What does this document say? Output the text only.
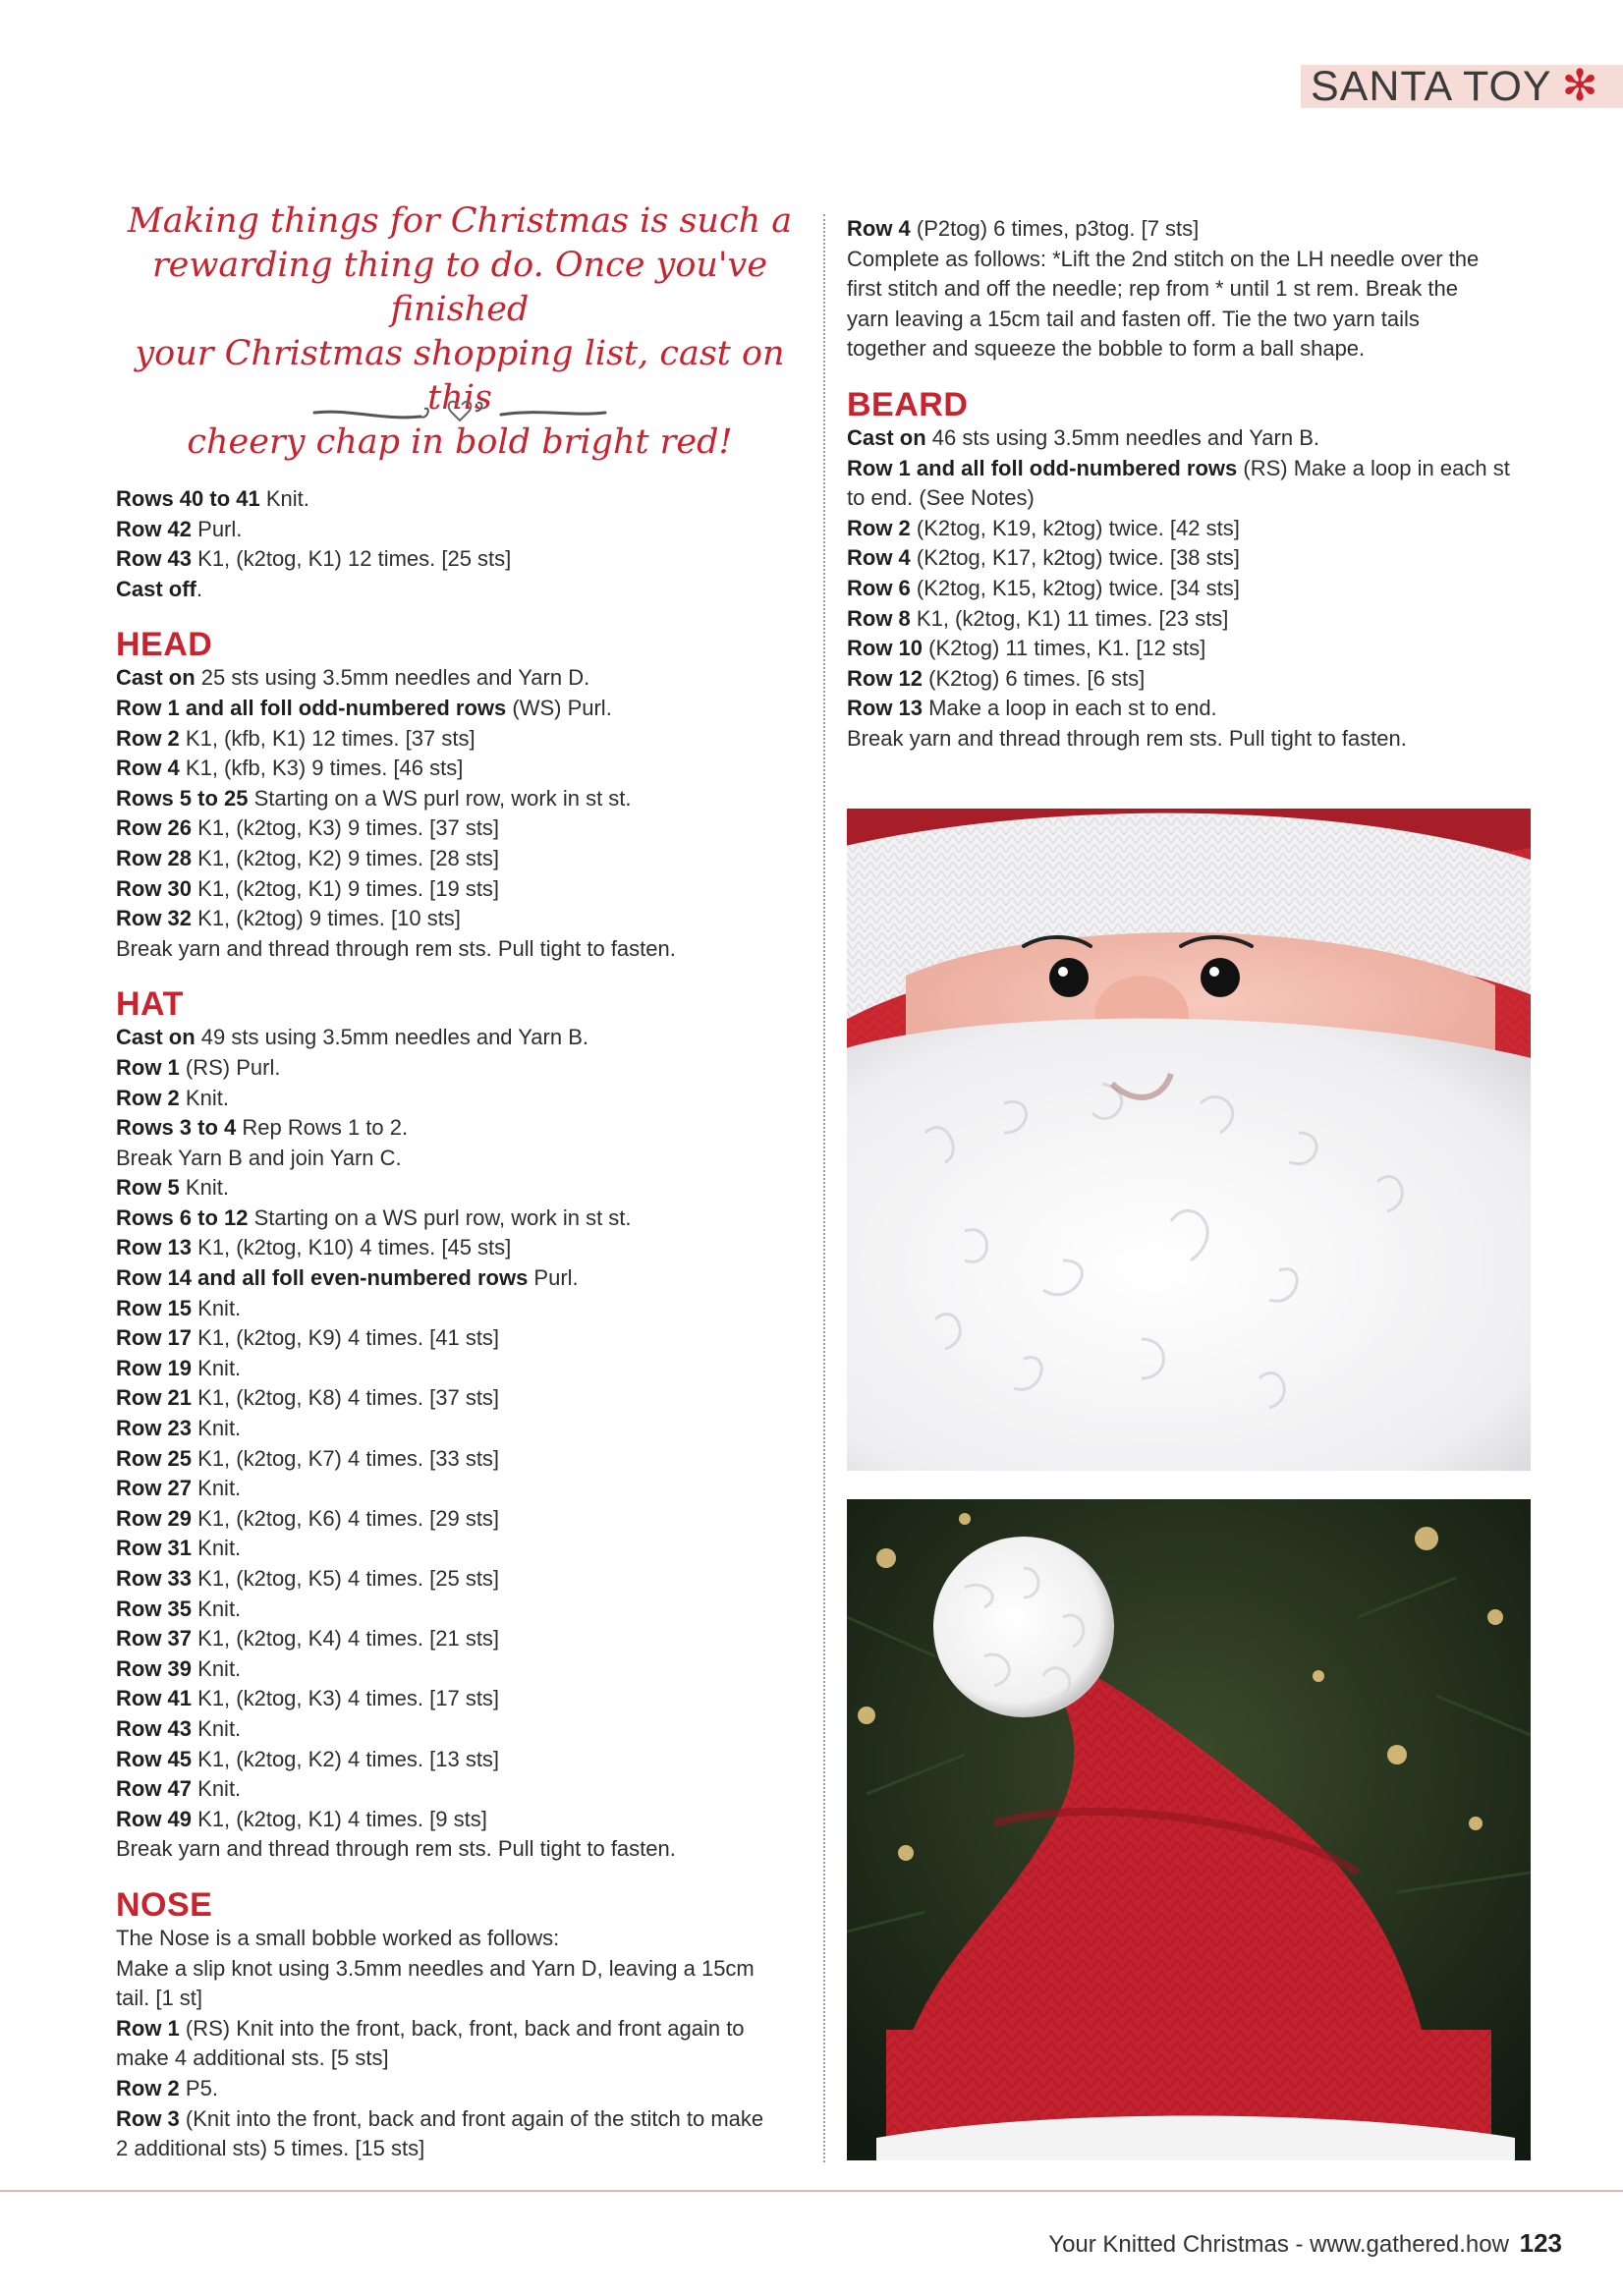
SANTA TOY ✻
Making things for Christmas is such a
rewarding thing to do. Once you've finished
your Christmas shopping list, cast on this
cheery chap in bold bright red!
Rows 40 to 41 Knit.
Row 42 Purl.
Row 43 K1, (k2tog, K1) 12 times. [25 sts]
Cast off.
HEAD
Cast on 25 sts using 3.5mm needles and Yarn D.
Row 1 and all foll odd-numbered rows (WS) Purl.
Row 2 K1, (kfb, K1) 12 times. [37 sts]
Row 4 K1, (kfb, K3) 9 times. [46 sts]
Rows 5 to 25 Starting on a WS purl row, work in st st.
Row 26 K1, (k2tog, K3) 9 times. [37 sts]
Row 28 K1, (k2tog, K2) 9 times. [28 sts]
Row 30 K1, (k2tog, K1) 9 times. [19 sts]
Row 32 K1, (k2tog) 9 times. [10 sts]
Break yarn and thread through rem sts. Pull tight to fasten.
HAT
Cast on 49 sts using 3.5mm needles and Yarn B.
Row 1 (RS) Purl.
Row 2 Knit.
Rows 3 to 4 Rep Rows 1 to 2.
Break Yarn B and join Yarn C.
Row 5 Knit.
Rows 6 to 12 Starting on a WS purl row, work in st st.
Row 13 K1, (k2tog, K10) 4 times. [45 sts]
Row 14 and all foll even-numbered rows Purl.
Row 15 Knit.
Row 17 K1, (k2tog, K9) 4 times. [41 sts]
Row 19 Knit.
Row 21 K1, (k2tog, K8) 4 times. [37 sts]
Row 23 Knit.
Row 25 K1, (k2tog, K7) 4 times. [33 sts]
Row 27 Knit.
Row 29 K1, (k2tog, K6) 4 times. [29 sts]
Row 31 Knit.
Row 33 K1, (k2tog, K5) 4 times. [25 sts]
Row 35 Knit.
Row 37 K1, (k2tog, K4) 4 times. [21 sts]
Row 39 Knit.
Row 41 K1, (k2tog, K3) 4 times. [17 sts]
Row 43 Knit.
Row 45 K1, (k2tog, K2) 4 times. [13 sts]
Row 47 Knit.
Row 49 K1, (k2tog, K1) 4 times. [9 sts]
Break yarn and thread through rem sts. Pull tight to fasten.
NOSE
The Nose is a small bobble worked as follows:
Make a slip knot using 3.5mm needles and Yarn D, leaving a 15cm
tail. [1 st]
Row 1 (RS) Knit into the front, back, front, back and front again to
make 4 additional sts. [5 sts]
Row 2 P5.
Row 3 (Knit into the front, back and front again of the stitch to make
2 additional sts) 5 times. [15 sts]
Row 4 (P2tog) 6 times, p3tog. [7 sts]
Complete as follows: *Lift the 2nd stitch on the LH needle over the
first stitch and off the needle; rep from * until 1 st rem. Break the
yarn leaving a 15cm tail and fasten off. Tie the two yarn tails
together and squeeze the bobble to form a ball shape.
BEARD
Cast on 46 sts using 3.5mm needles and Yarn B.
Row 1 and all foll odd-numbered rows (RS) Make a loop in each st
to end. (See Notes)
Row 2 (K2tog, K19, k2tog) twice. [42 sts]
Row 4 (K2tog, K17, k2tog) twice. [38 sts]
Row 6 (K2tog, K15, k2tog) twice. [34 sts]
Row 8 K1, (k2tog, K1) 11 times. [23 sts]
Row 10 (K2tog) 11 times, K1. [12 sts]
Row 12 (K2tog) 6 times. [6 sts]
Row 13 Make a loop in each st to end.
Break yarn and thread through rem sts. Pull tight to fasten.
Your Knitted Christmas - www.gathered.how 123
